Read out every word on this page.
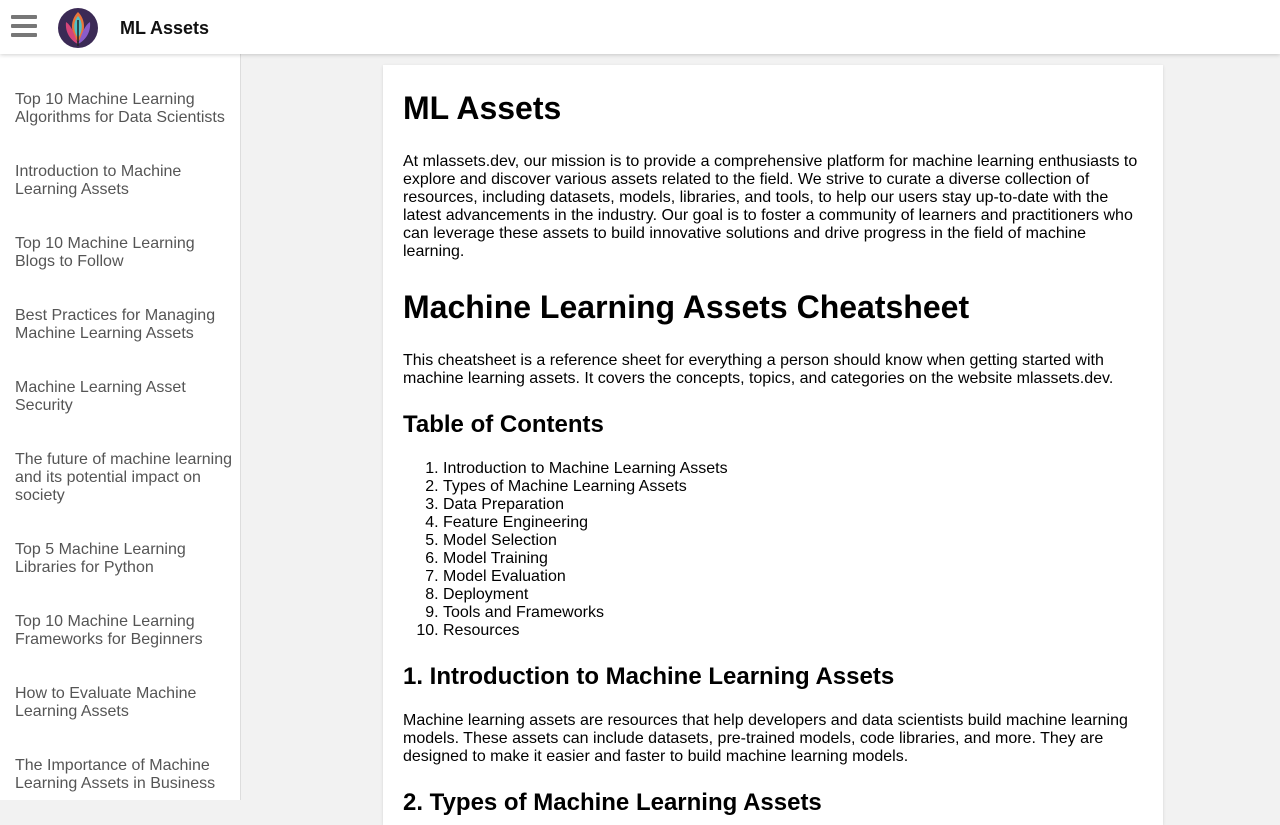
ML Assets
Top 10 Machine Learning Algorithms for Data Scientists
Introduction to Machine Learning Assets
Top 10 Machine Learning Blogs to Follow
Best Practices for Managing Machine Learning Assets
Machine Learning Asset Security
The future of machine learning and its potential impact on society
Top 5 Machine Learning Libraries for Python
Top 10 Machine Learning Frameworks for Beginners
How to Evaluate Machine Learning Assets
The Importance of Machine Learning Assets in Business
ML Assets

At mlassets.dev, our mission is to provide a comprehensive platform for machine learning enthusiasts to explore and discover various assets related to the field. We strive to curate a diverse collection of resources, including datasets, models, libraries, and tools, to help our users stay up-to-date with the latest advancements in the industry. Our goal is to foster a community of learners and practitioners who can leverage these assets to build innovative solutions and drive progress in the field of machine learning.

Machine Learning Assets Cheatsheet

This cheatsheet is a reference sheet for everything a person should know when getting started with machine learning assets. It covers the concepts, topics, and categories on the website mlassets.dev.

Table of Contents
1. Introduction to Machine Learning Assets
2. Types of Machine Learning Assets
3. Data Preparation
4. Feature Engineering
5. Model Selection
6. Model Training
7. Model Evaluation
8. Deployment
9. Tools and Frameworks
10. Resources
1. Introduction to Machine Learning Assets

Machine learning assets are resources that help developers and data scientists build machine learning models. These assets can include datasets, pre-trained models, code libraries, and more. They are designed to make it easier and faster to build machine learning models.

2. Types of Machine Learning Assets
